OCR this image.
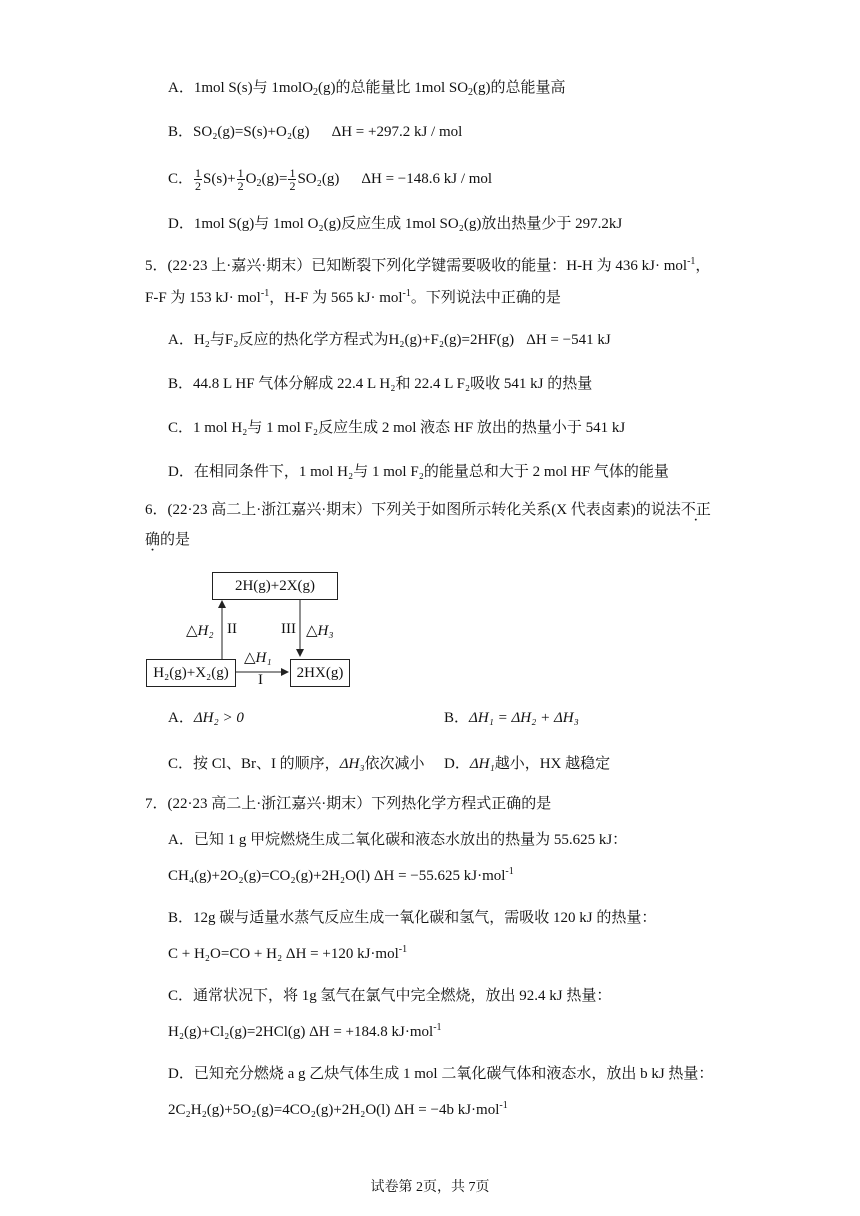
A．1mol S(s)与 1molO$_2$(g)的总能量比 1mol $SO_2(g)$的总能量高
B．SO₂(g)=S(s)+O₂(g) ΔH = +297.2 kJ / mol
C． $\frac{1}{2} S(s)+ \frac{1}{2} O_2(g)= \frac{1}{2} SO_2(g) \Delta H = -148.6$ kJ / mol
D．1mol S(g)与 1mol O₂(g)反应生成 1mol SO₂(g)放出热量少于 297.2kJ
5．(22·23 上·嘉兴·期末）已知断裂下列化学键需要吸收的能量：H-H 为 436 kJ· mol$^{-1}$，
F-F 为 153 kJ· mol$^{-1}$，H-F 为 565 kJ· mol$^{-1}$。下列说法中正确的是
A．H₂与F₂反应的热化学方程式为H₂(g)+F₂(g)=2HF(g) ΔH = −541 kJ
B．44.8 L HF 气体分解成 22.4 L H₂和 22.4 L F₂吸收 541 kJ 的热量
C．1 mol H₂与 1 mol F₂反应生成 2 mol 液态 HF 放出的热量小于 541 kJ
D．在相同条件下，1 mol H₂与 1 mol F₂的能量总和大于 2 mol HF 气体的能量
6．(22·23 高二上·浙江嘉兴·期末）下列关于如图所示转化关系(X 代表卤素)的说法不正
确的是
2H(g)+2X(g)
H₂(g)+X₂(g)	2HX(g)
△H₂ II	III △H₃
△H₁
I
A．ΔH₂ > 0	B．ΔH₁ = ΔH₂ + ΔH₃
C．按 Cl、Br、I 的顺序，ΔH₃依次减小 D．ΔH₁越小，HX 越稳定
7．(22·23 高二上·浙江嘉兴·期末）下列热化学方程式正确的是
A．已知 1 g 甲烷燃烧生成二氧化碳和液态水放出的热量为 55.625 kJ：
CH₄(g)+2O₂(g)=CO₂(g)+2H₂O(l) ΔH = −55.625 kJ·mol$^{-1}$
B．12g 碳与适量水蒸气反应生成一氧化碳和氢气，需吸收 120 kJ 的热量：
C + H₂O=CO + H₂ ΔH = +120 kJ·mol$^{-1}$
C．通常状况下，将 1g 氢气在氯气中完全燃烧，放出 92.4 kJ 热量：
H₂(g)+Cl₂(g)=2HCl(g) ΔH = +184.8 kJ·mol$^{-1}$
D．已知充分燃烧 a g 乙炔气体生成 1 mol 二氧化碳气体和液态水，放出 b kJ 热量：
2C₂H₂(g)+5O₂(g)=4CO₂(g)+2H₂O(l) ΔH = −4b kJ·mol$^{-1}$
试卷第 2页，共 7页
